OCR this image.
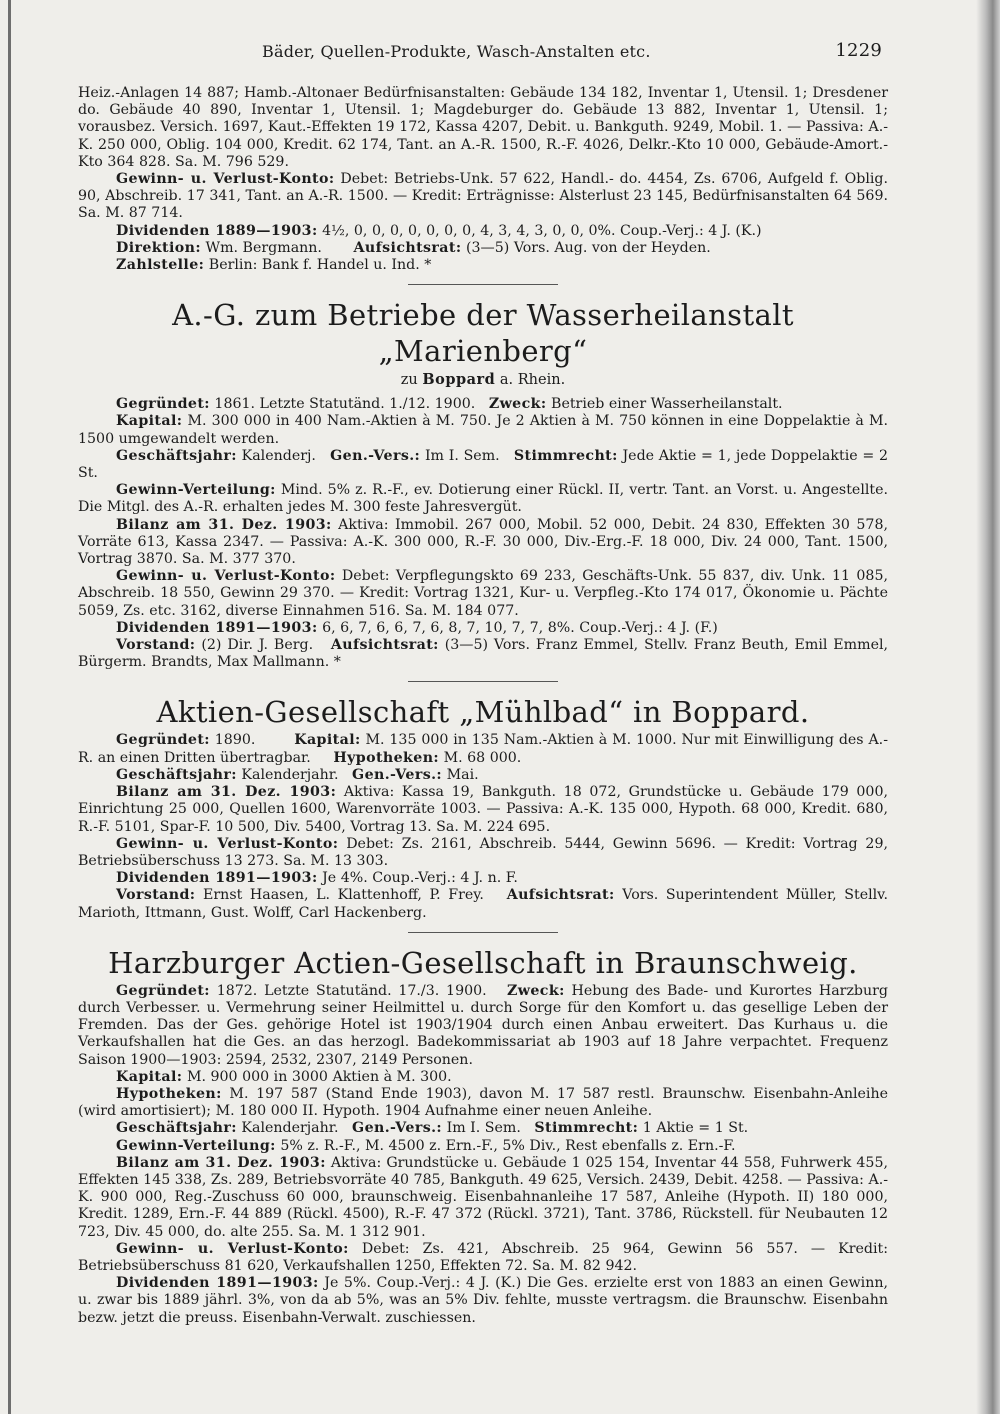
Bäder, Quellen-Produkte, Wasch-Anstalten etc.	1229

Heiz.-Anlagen 14 887; Hamb.-Altonaer Bedürfnisanstalten: Gebäude 134 182, Inventar 1, Utensil. 1; Dresdener do. Gebäude 40 890, Inventar 1, Utensil. 1; Magdeburger do. Gebäude 13 882, Inventar 1, Utensil. 1; vorausbez. Versich. 1697, Kaut.-Effekten 19 172, Kassa 4207, Debit. u. Bankguth. 9249, Mobil. 1. — Passiva: A.-K. 250 000, Oblig. 104 000, Kredit. 62 174, Tant. an A.-R. 1500, R.-F. 4026, Delkr.-Kto 10 000, Gebäude-Amort.-Kto 364 828. Sa. M. 796 529.

Gewinn- u. Verlust-Konto: Debet: Betriebs-Unk. 57 622, Handl.- do. 4454, Zs. 6706, Aufgeld f. Oblig. 90, Abschreib. 17 341, Tant. an A.-R. 1500. — Kredit: Erträgnisse: Alsterlust 23 145, Bedürfnisanstalten 64 569. Sa. M. 87 714.

Dividenden 1889—1903: 4½, 0, 0, 0, 0, 0, 0, 0, 4, 3, 4, 3, 0, 0, 0%. Coup.-Verj.: 4 J. (K.)

Direktion: Wm. Bergmann. Aufsichtsrat: (3—5) Vors. Aug. von der Heyden.

Zahlstelle: Berlin: Bank f. Handel u. Ind. *

A.-G. zum Betriebe der Wasserheilanstalt „Marienberg“
zu Boppard a. Rhein.

Gegründet: 1861. Letzte Statutänd. 1./12. 1900. Zweck: Betrieb einer Wasserheilanstalt.

Kapital: M. 300 000 in 400 Nam.-Aktien à M. 750. Je 2 Aktien à M. 750 können in eine Doppelaktie à M. 1500 umgewandelt werden.

Geschäftsjahr: Kalenderj. Gen.-Vers.: Im I. Sem. Stimmrecht: Jede Aktie = 1, jede Doppelaktie = 2 St.

Gewinn-Verteilung: Mind. 5% z. R.-F., ev. Dotierung einer Rückl. II, vertr. Tant. an Vorst. u. Angestellte. Die Mitgl. des A.-R. erhalten jedes M. 300 feste Jahresvergüt.

Bilanz am 31. Dez. 1903: Aktiva: Immobil. 267 000, Mobil. 52 000, Debit. 24 830, Effekten 30 578, Vorräte 613, Kassa 2347. — Passiva: A.-K. 300 000, R.-F. 30 000, Div.-Erg.-F. 18 000, Div. 24 000, Tant. 1500, Vortrag 3870. Sa. M. 377 370.

Gewinn- u. Verlust-Konto: Debet: Verpflegungskto 69 233, Geschäfts-Unk. 55 837, div. Unk. 11 085, Abschreib. 18 550, Gewinn 29 370. — Kredit: Vortrag 1321, Kur- u. Verpfleg.-Kto 174 017, Ökonomie u. Pächte 5059, Zs. etc. 3162, diverse Einnahmen 516. Sa. M. 184 077.

Dividenden 1891—1903: 6, 6, 7, 6, 6, 7, 6, 8, 7, 10, 7, 7, 8%. Coup.-Verj.: 4 J. (F.)

Vorstand: (2) Dir. J. Berg. Aufsichtsrat: (3—5) Vors. Franz Emmel, Stellv. Franz Beuth, Emil Emmel, Bürgerm. Brandts, Max Mallmann. *

Aktien-Gesellschaft „Mühlbad“ in Boppard.

Gegründet: 1890.	Kapital: M. 135 000 in 135 Nam.-Aktien à M. 1000. Nur mit Einwilligung des A.-R. an einen Dritten übertragbar. Hypotheken: M. 68 000.

Geschäftsjahr: Kalenderjahr. Gen.-Vers.: Mai.

Bilanz am 31. Dez. 1903: Aktiva: Kassa 19, Bankguth. 18 072, Grundstücke u. Gebäude 179 000, Einrichtung 25 000, Quellen 1600, Warenvorräte 1003. — Passiva: A.-K. 135 000, Hypoth. 68 000, Kredit. 680, R.-F. 5101, Spar-F. 10 500, Div. 5400, Vortrag 13. Sa. M. 224 695.

Gewinn- u. Verlust-Konto: Debet: Zs. 2161, Abschreib. 5444, Gewinn 5696. — Kredit: Vortrag 29, Betriebsüberschuss 13 273. Sa. M. 13 303.

Dividenden 1891—1903: Je 4%. Coup.-Verj.: 4 J. n. F.

Vorstand: Ernst Haasen, L. Klattenhoff, P. Frey. Aufsichtsrat: Vors. Superintendent Müller, Stellv. Marioth, Ittmann, Gust. Wolff, Carl Hackenberg.

Harzburger Actien-Gesellschaft in Braunschweig.

Gegründet: 1872. Letzte Statutänd. 17./3. 1900. Zweck: Hebung des Bade- und Kurortes Harzburg durch Verbesser. u. Vermehrung seiner Heilmittel u. durch Sorge für den Komfort u. das gesellige Leben der Fremden. Das der Ges. gehörige Hotel ist 1903/1904 durch einen Anbau erweitert. Das Kurhaus u. die Verkaufshallen hat die Ges. an das herzogl. Badekommissariat ab 1903 auf 18 Jahre verpachtet. Frequenz Saison 1900—1903: 2594, 2532, 2307, 2149 Personen.

Kapital: M. 900 000 in 3000 Aktien à M. 300.

Hypotheken: M. 197 587 (Stand Ende 1903), davon M. 17 587 restl. Braunschw. Eisenbahn-Anleihe (wird amortisiert); M. 180 000 II. Hypoth. 1904 Aufnahme einer neuen Anleihe.

Geschäftsjahr: Kalenderjahr. Gen.-Vers.: Im I. Sem. Stimmrecht: 1 Aktie = 1 St.

Gewinn-Verteilung: 5% z. R.-F., M. 4500 z. Ern.-F., 5% Div., Rest ebenfalls z. Ern.-F.

Bilanz am 31. Dez. 1903: Aktiva: Grundstücke u. Gebäude 1 025 154, Inventar 44 558, Fuhrwerk 455, Effekten 145 338, Zs. 289, Betriebsvorräte 40 785, Bankguth. 49 625, Versich. 2439, Debit. 4258. — Passiva: A.-K. 900 000, Reg.-Zuschuss 60 000, braunschweig. Eisenbahnanleihe 17 587, Anleihe (Hypoth. II) 180 000, Kredit. 1289, Ern.-F. 44 889 (Rückl. 4500), R.-F. 47 372 (Rückl. 3721), Tant. 3786, Rückstell. für Neubauten 12 723, Div. 45 000, do. alte 255. Sa. M. 1 312 901.

Gewinn- u. Verlust-Konto: Debet: Zs. 421, Abschreib. 25 964, Gewinn 56 557. — Kredit: Betriebsüberschuss 81 620, Verkaufshallen 1250, Effekten 72. Sa. M. 82 942.

Dividenden 1891—1903: Je 5%. Coup.-Verj.: 4 J. (K.) Die Ges. erzielte erst von 1883 an einen Gewinn, u. zwar bis 1889 jährl. 3%, von da ab 5%, was an 5% Div. fehlte, musste vertragsm. die Braunschw. Eisenbahn bezw. jetzt die preuss. Eisenbahn-Verwalt. zuschiessen.
